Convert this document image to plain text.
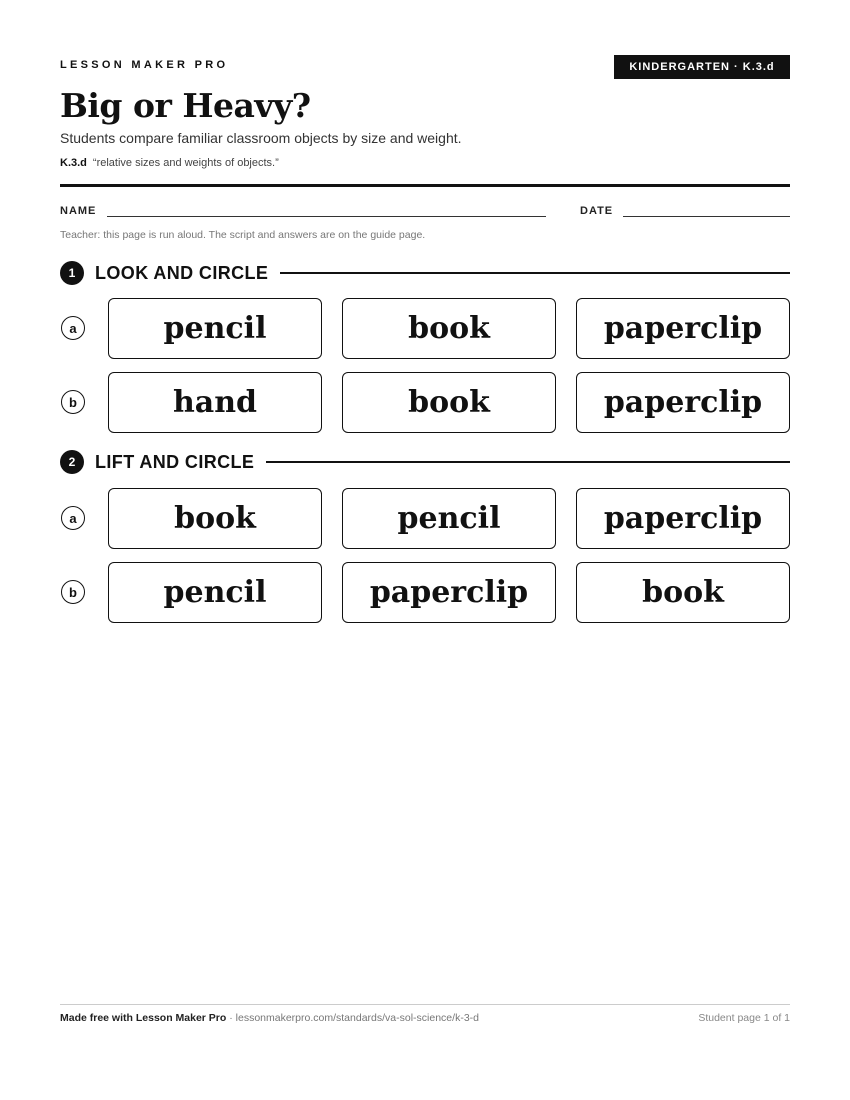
LESSON MAKER PRO	KINDERGARTEN · K.3.d
Big or Heavy?
Students compare familiar classroom objects by size and weight.
K.3.d “relative sizes and weights of objects.”
NAME	DATE
Teacher: this page is run aloud. The script and answers are on the guide page.
1	LOOK AND CIRCLE
a	pencil	book	paperclip
b	hand	book	paperclip
2	LIFT AND CIRCLE
a	book	pencil	paperclip
b	pencil	paperclip	book
Made free with Lesson Maker Pro · lessonmakerpro.com/standards/va-sol-science/k-3-d	Student page 1 of 1
